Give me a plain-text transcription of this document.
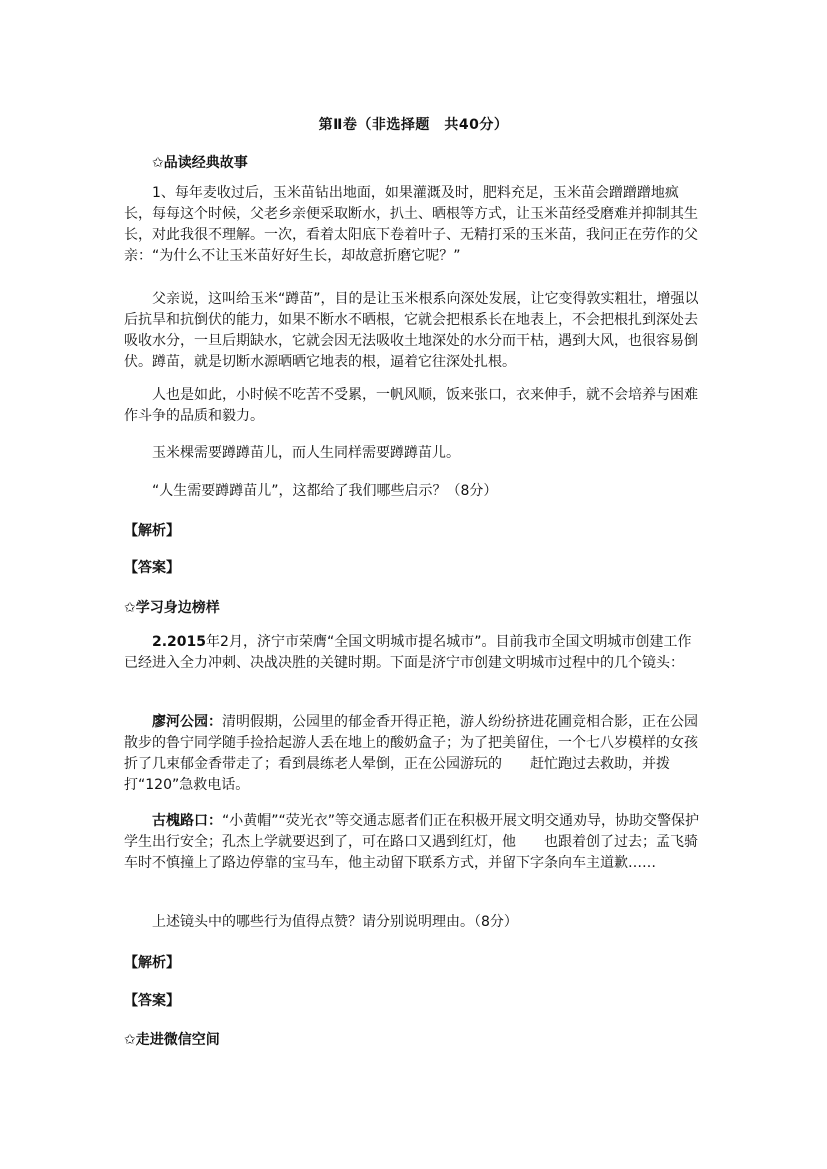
第Ⅱ卷（非选择题　共40分）
✩品读经典故事

1、每年麦收过后，玉米苗钻出地面，如果灌溉及时，肥料充足，玉米苗会蹭蹭蹭地疯长，每每这个时候，父老乡亲便采取断水，扒土、晒根等方式，让玉米苗经受磨难并抑制其生长，对此我很不理解。一次，看着太阳底下卷着叶子、无精打采的玉米苗，我问正在劳作的父亲：“为什么不让玉米苗好好生长，却故意折磨它呢？”

父亲说，这叫给玉米“蹲苗”，目的是让玉米根系向深处发展，让它变得敦实粗壮，增强以后抗旱和抗倒伏的能力，如果不断水不晒根，它就会把根系长在地表上，不会把根扎到深处去吸收水分，一旦后期缺水，它就会因无法吸收土地深处的水分而干枯，遇到大风，也很容易倒伏。蹲苗，就是切断水源晒晒它地表的根，逼着它往深处扎根。

人也是如此，小时候不吃苦不受累，一帆风顺，饭来张口，衣来伸手，就不会培养与困难作斗争的品质和毅力。

玉米棵需要蹲蹲苗儿，而人生同样需要蹲蹲苗儿。

“人生需要蹲蹲苗儿”，这都给了我们哪些启示？（8分）

【解析】
【答案】
✩学习身边榜样

2.2015年2月，济宁市荣膺“全国文明城市提名城市”。目前我市全国文明城市创建工作已经进入全力冲刺、决战决胜的关键时期。下面是济宁市创建文明城市过程中的几个镜头：

廖河公园：清明假期，公园里的郁金香开得正艳，游人纷纷挤进花圃竞相合影，正在公园散步的鲁宁同学随手捡拾起游人丢在地上的酸奶盒子；为了把美留住，一个七八岁模样的女孩折了几束郁金香带走了；看到晨练老人晕倒，正在公园游玩的　　赶忙跑过去救助，并拨打“120”急救电话。

古槐路口：“小黄帽”“荧光衣”等交通志愿者们正在积极开展文明交通劝导，协助交警保护学生出行安全；孔杰上学就要迟到了，可在路口又遇到红灯，他　　也跟着创了过去；孟飞骑车时不慎撞上了路边停靠的宝马车，他主动留下联系方式，并留下字条向车主道歉……

上述镜头中的哪些行为值得点赞？请分别说明理由。（8分）

【解析】
【答案】
✩走进微信空间
